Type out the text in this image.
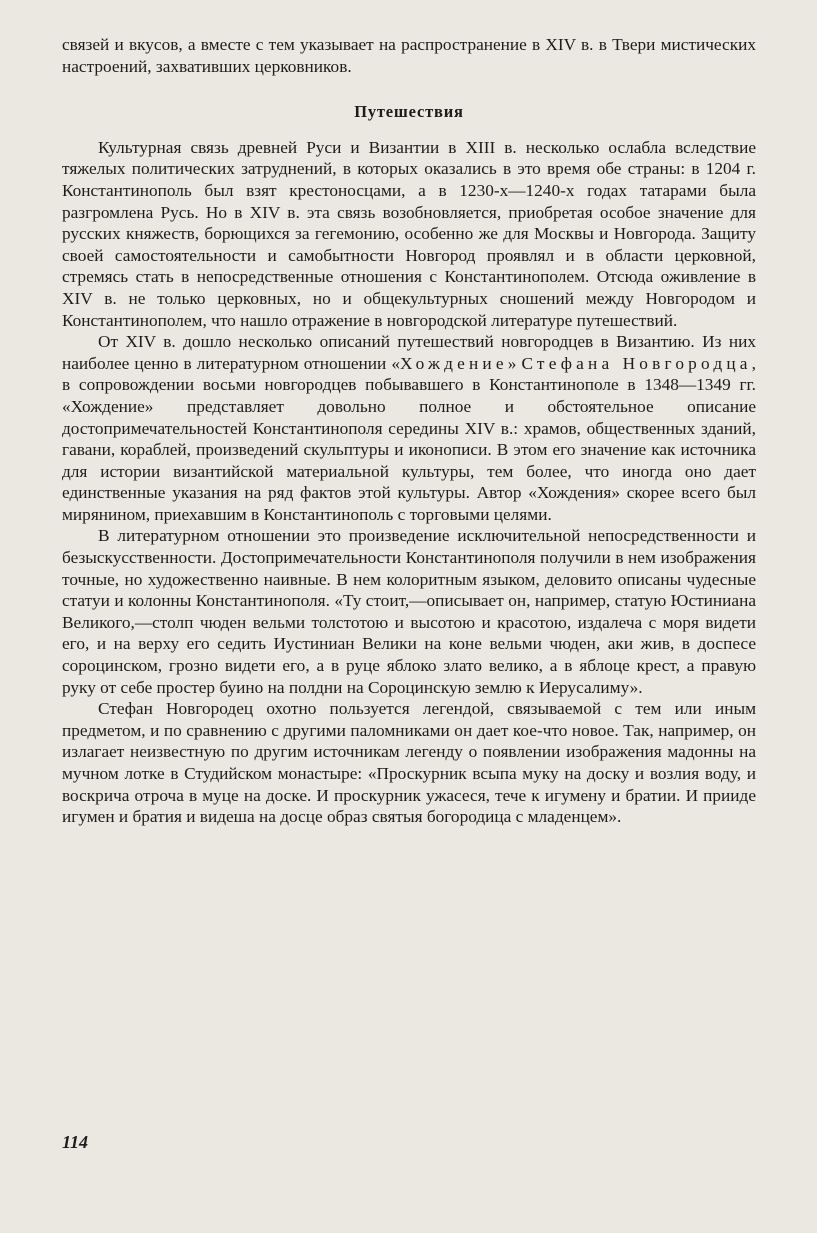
связей и вкусов, а вместе с тем указывает на распространение в XIV в. в Твери мистических настроений, захвативших церковников.

Путешествия

Культурная связь древней Руси и Византии в XIII в. несколько ослабла вследствие тяжелых политических затруднений, в которых оказались в это время обе страны: в 1204 г. Константинополь был взят крестоносцами, а в 1230-х—1240-х годах татарами была разгромлена Русь. Но в XIV в. эта связь возобновляется, приобретая особое значение для русских княжеств, борющихся за гегемонию, особенно же для Москвы и Новгорода. Защиту своей самостоятельности и самобытности Новгород проявлял и в области церковной, стремясь стать в непосредственные отношения с Константинополем. Отсюда оживление в XIV в. не только церковных, но и общекультурных сношений между Новгородом и Константинополем, что нашло отражение в новгородской литературе путешествий.

От XIV в. дошло несколько описаний путешествий новгородцев в Византию. Из них наиболее ценно в литературном отношении «Хождение» Стефана Новгородца, в сопровождении восьми новгородцев побывавшего в Константинополе в 1348—1349 гг. «Хождение» представляет довольно полное и обстоятельное описание достопримечательностей Константинополя середины XIV в.: храмов, общественных зданий, гавани, кораблей, произведений скульптуры и иконописи. В этом его значение как источника для истории византийской материальной культуры, тем более, что иногда оно дает единственные указания на ряд фактов этой культуры. Автор «Хождения» скорее всего был мирянином, приехавшим в Константинополь с торговыми целями.

В литературном отношении это произведение исключительной непосредственности и безыскусственности. Достопримечательности Константинополя получили в нем изображения точные, но художественно наивные. В нем колоритным языком, деловито описаны чудесные статуи и колонны Константинополя. «Ту стоит,—описывает он, например, статую Юстиниана Великого,—столп чюден вельми толстотою и высотою и красотою, издалеча с моря видети его, и на верху его седить Иустиниан Велики на коне вельми чюден, аки жив, в доспесе сороцинском, грозно видети его, а в руце яблоко злато велико, а в яблоце крест, а правую руку от себе простер буино на полдни на Сороцинскую землю к Иерусалиму».

Стефан Новгородец охотно пользуется легендой, связываемой с тем или иным предметом, и по сравнению с другими паломниками он дает кое-что новое. Так, например, он излагает неизвестную по другим источникам легенду о появлении изображения мадонны на мучном лотке в Студийском монастыре: «Проскурник всыпа муку на доску и возлия воду, и воскрича отроча в муце на доске. И проскурник ужасеся, тече к игумену и братии. И прииде игумен и братия и видеша на досце образ святыя богородица с младенцем».

114
